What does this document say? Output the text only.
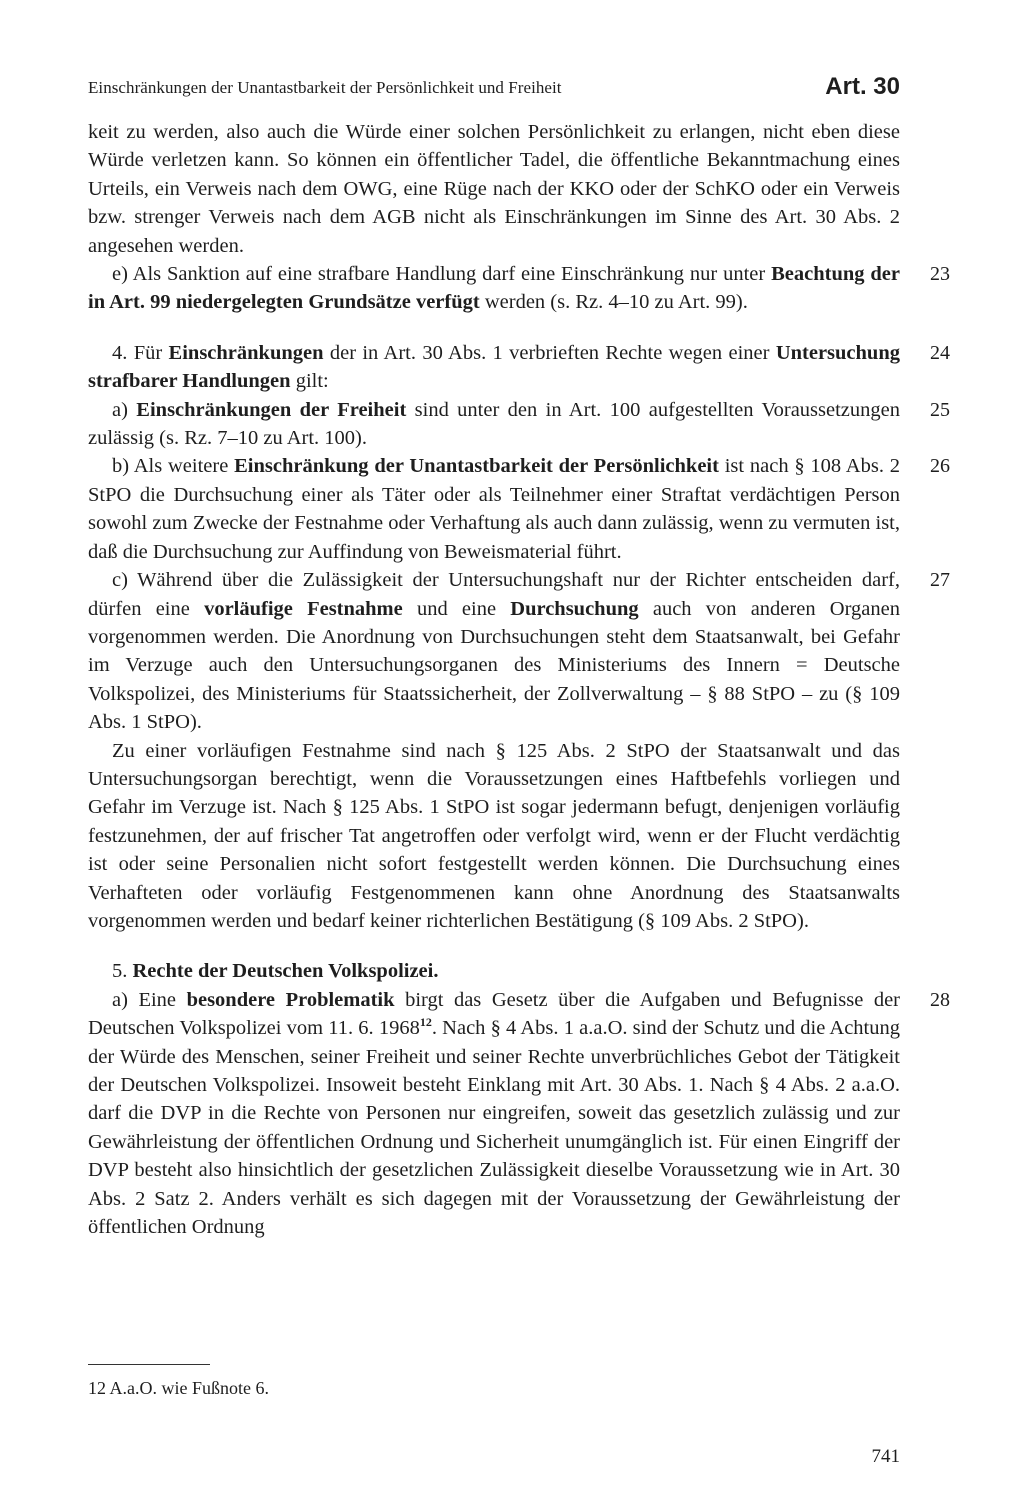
Einschränkungen der Unantastbarkeit der Persönlichkeit und Freiheit	Art. 30

keit zu werden, also auch die Würde einer solchen Persönlichkeit zu erlangen, nicht eben diese Würde verletzen kann. So können ein öffentlicher Tadel, die öffentliche Bekanntmachung eines Urteils, ein Verweis nach dem OWG, eine Rüge nach der KKO oder der SchKO oder ein Verweis bzw. strenger Verweis nach dem AGB nicht als Einschränkungen im Sinne des Art. 30 Abs. 2 angesehen werden.

e) Als Sanktion auf eine strafbare Handlung darf eine Einschränkung nur unter Beachtung der in Art. 99 niedergelegten Grundsätze verfügt werden (s. Rz. 4–10 zu Art. 99).
23

4. Für Einschränkungen der in Art. 30 Abs. 1 verbrieften Rechte wegen einer Untersuchung strafbarer Handlungen gilt:
24

a) Einschränkungen der Freiheit sind unter den in Art. 100 aufgestellten Voraussetzungen zulässig (s. Rz. 7–10 zu Art. 100).
25

b) Als weitere Einschränkung der Unantastbarkeit der Persönlichkeit ist nach § 108 Abs. 2 StPO die Durchsuchung einer als Täter oder als Teilnehmer einer Straftat verdächtigen Person sowohl zum Zwecke der Festnahme oder Verhaftung als auch dann zulässig, wenn zu vermuten ist, daß die Durchsuchung zur Auffindung von Beweismaterial führt.
26

c) Während über die Zulässigkeit der Untersuchungshaft nur der Richter entscheiden darf, dürfen eine vorläufige Festnahme und eine Durchsuchung auch von anderen Organen vorgenommen werden. Die Anordnung von Durchsuchungen steht dem Staatsanwalt, bei Gefahr im Verzuge auch den Untersuchungsorganen des Ministeriums des Innern = Deutsche Volkspolizei, des Ministeriums für Staatssicherheit, der Zollverwaltung – § 88 StPO – zu (§ 109 Abs. 1 StPO).
27

Zu einer vorläufigen Festnahme sind nach § 125 Abs. 2 StPO der Staatsanwalt und das Untersuchungsorgan berechtigt, wenn die Voraussetzungen eines Haftbefehls vorliegen und Gefahr im Verzuge ist. Nach § 125 Abs. 1 StPO ist sogar jedermann befugt, denjenigen vorläufig festzunehmen, der auf frischer Tat angetroffen oder verfolgt wird, wenn er der Flucht verdächtig ist oder seine Personalien nicht sofort festgestellt werden können. Die Durchsuchung eines Verhafteten oder vorläufig Festgenommenen kann ohne Anordnung des Staatsanwalts vorgenommen werden und bedarf keiner richterlichen Bestätigung (§ 109 Abs. 2 StPO).

5. Rechte der Deutschen Volkspolizei.

a) Eine besondere Problematik birgt das Gesetz über die Aufgaben und Befugnisse der Deutschen Volkspolizei vom 11. 6. 1968$^{12}$. Nach § 4 Abs. 1 a.a.O. sind der Schutz und die Achtung der Würde des Menschen, seiner Freiheit und seiner Rechte unverbrüchliches Gebot der Tätigkeit der Deutschen Volkspolizei. Insoweit besteht Einklang mit Art. 30 Abs. 1. Nach § 4 Abs. 2 a.a.O. darf die DVP in die Rechte von Personen nur eingreifen, soweit das gesetzlich zulässig und zur Gewährleistung der öffentlichen Ordnung und Sicherheit unumgänglich ist. Für einen Eingriff der DVP besteht also hinsichtlich der gesetzlichen Zulässigkeit dieselbe Voraussetzung wie in Art. 30 Abs. 2 Satz 2. Anders verhält es sich dagegen mit der Voraussetzung der Gewährleistung der öffentlichen Ordnung
28

12 A.a.O. wie Fußnote 6.
741
